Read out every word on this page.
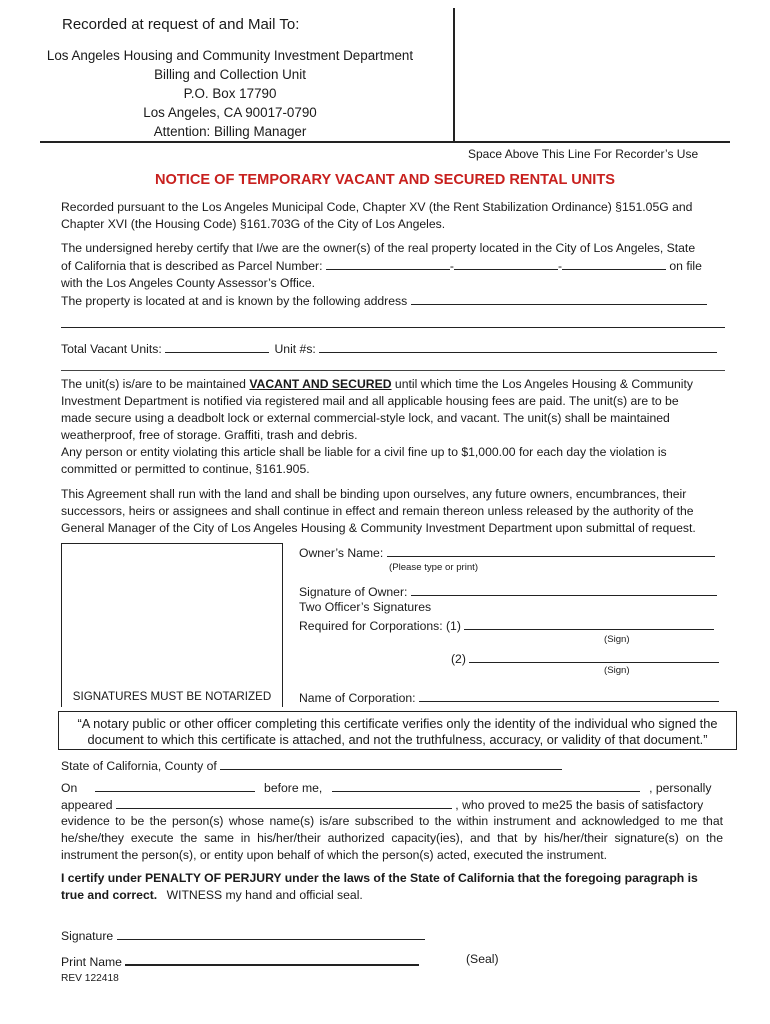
Recorded at request of and Mail To:
Los Angeles Housing and Community Investment Department
Billing and Collection Unit
P.O. Box 17790
Los Angeles, CA 90017-0790
Attention: Billing Manager
Space Above This Line For Recorder’s Use
NOTICE OF TEMPORARY VACANT AND SECURED RENTAL UNITS

Recorded pursuant to the Los Angeles Municipal Code, Chapter XV (the Rent Stabilization Ordinance) §151.05G and

Chapter XVI (the Housing Code) §161.703G of the City of Los Angeles.

The undersigned hereby certify that I/we are the owner(s) of the real property located in the City of Los Angeles, State

of California that is described as Parcel Number:	-	-	on file

with the Los Angeles County Assessor’s Office.

The property is located at and is known by the following address

Total Vacant Units:	Unit #s:

The unit(s) is/are to be maintained VACANT AND SECURED until which time the Los Angeles Housing & Community

Investment Department is notified via registered mail and all applicable housing fees are paid. The unit(s) are to be

made secure using a deadbolt lock or external commercial-style lock, and vacant. The unit(s) shall be maintained

weatherproof, free of storage. Graffiti, trash and debris.

Any person or entity violating this article shall be liable for a civil fine up to $1,000.00 for each day the violation is

committed or permitted to continue, §161.905.

This Agreement shall run with the land and shall be binding upon ourselves, any future owners, encumbrances, their

successors, heirs or assignees and shall continue in effect and remain thereon unless released by the authority of the

General Manager of the City of Los Angeles Housing & Community Investment Department upon submittal of request.

SIGNATURES MUST BE NOTARIZED
Owner’s Name:
(Please type or print)
Signature of Owner:
Two Officer’s Signatures
Required for Corporations: (1)
(Sign)
(2)
(Sign)
Name of Corporation:
“A notary public or other officer completing this certificate verifies only the identity of the individual who signed the
document to which this certificate is attached, and not the truthfulness, accuracy, or validity of that document.”
State of California, County of
On	before me,	, personally
appeared	, who proved to me25 the basis of satisfactory

evidence to be the person(s) whose name(s) is/are subscribed to the within instrument and acknowledged to me that

he/she/they execute the same in his/her/their authorized capacity(ies), and that by his/her/their signature(s) on the

instrument the person(s), or entity upon behalf of which the person(s) acted, executed the instrument.

I certify under PENALTY OF PERJURY under the laws of the State of California that the foregoing paragraph is

true and correct. WITNESS my hand and official seal.

Signature
Print Name	(Seal)
REV 122418
